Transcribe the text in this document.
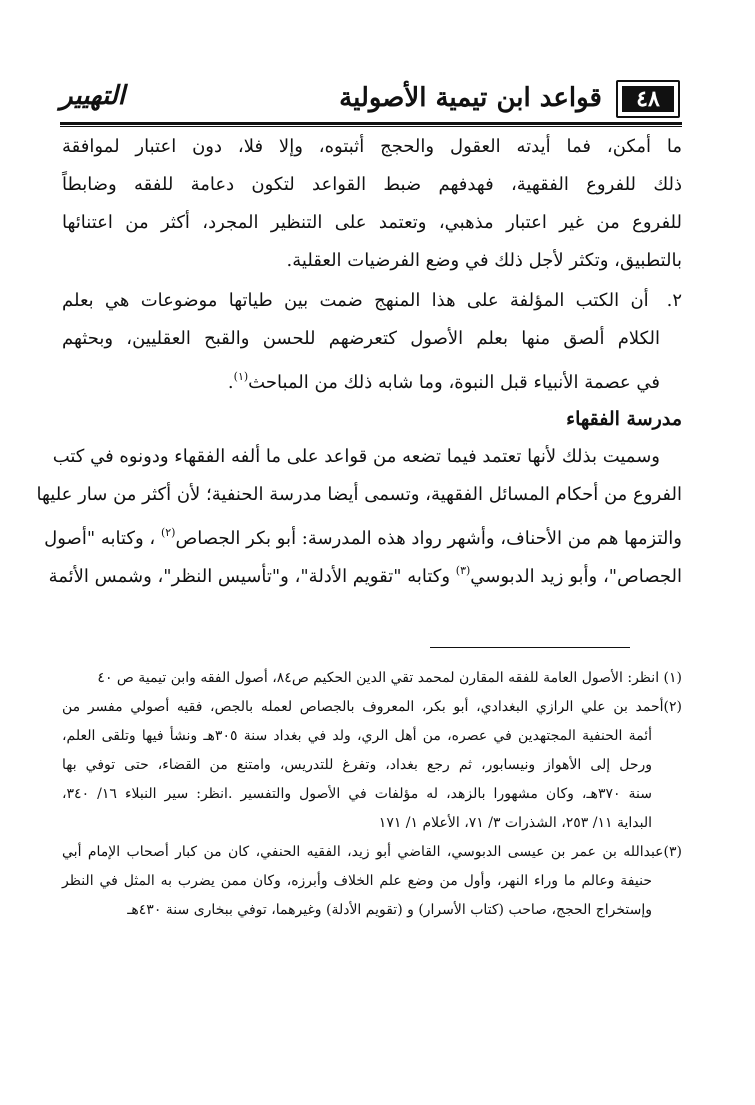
٤٨
قواعد ابن تيمية الأصولية
التهيير
ما أمكن، فما أيدته العقول والحجج أثبتوه، وإلا فلا، دون اعتبار لموافقة
ذلك للفروع الفقهية، فهدفهم ضبط القواعد لتكون دعامة للفقه وضابطاً
للفروع من غير اعتبار مذهبي، وتعتمد على التنظير المجرد، أكثر من اعتنائها
بالتطبيق، وتكثر لأجل ذلك في وضع الفرضيات العقلية.
٢. أن الكتب المؤلفة على هذا المنهج ضمت بين طياتها موضوعات هي بعلم
الكلام ألصق منها بعلم الأصول كتعرضهم للحسن والقبح العقليين، وبحثهم
في عصمة الأنبياء قبل النبوة، وما شابه ذلك من المباحث$^{(١)}$.
مدرسة الفقهاء
وسميت بذلك لأنها تعتمد فيما تضعه من قواعد على ما ألفه الفقهاء ودونوه في كتب
الفروع من أحكام المسائل الفقهية، وتسمى أيضا مدرسة الحنفية؛ لأن أكثر من سار عليها
والتزمها هم من الأحناف، وأشهر رواد هذه المدرسة: أبو بكر الجصاص$^{(٢)}$ ، وكتابه "أصول
الجصاص"، وأبو زيد الدبوسي$^{(٣)}$ وكتابه "تقويم الأدلة"، و"تأسيس النظر"، وشمس الأئمة
(١) انظر: الأصول العامة للفقه المقارن لمحمد تقي الدين الحكيم ص٨٤، أصول الفقه وابن تيمية ص ٤٠
(٢)أحمد بن علي الرازي البغدادي، أبو بكر، المعروف بالجصاص لعمله بالجص، فقيه أصولي مفسر من
أئمة الحنفية المجتهدين في عصره، من أهل الري، ولد في بغداد سنة ٣٠٥هـ ونشأ فيها وتلقى العلم،
ورحل إلى الأهواز ونيسابور، ثم رجع بغداد، وتفرغ للتدريس، وامتنع من القضاء، حتى توفي بها
سنة ٣٧٠هـ، وكان مشهورا بالزهد، له مؤلفات في الأصول والتفسير .انظر: سير النبلاء ١٦/ ٣٤٠،
البداية ١١/ ٢٥٣، الشذرات ٣/ ٧١، الأعلام ١/ ١٧١
(٣)عبدالله بن عمر بن عيسى الدبوسي، القاضي أبو زيد، الفقيه الحنفي، كان من كبار أصحاب الإمام أبي
حنيفة وعالم ما وراء النهر، وأول من وضع علم الخلاف وأبرزه، وكان ممن يضرب به المثل في النظر
وإستخراج الحجج، صاحب (كتاب الأسرار) و (تقويم الأدلة) وغيرهما، توفي ببخارى سنة ٤٣٠هـ
